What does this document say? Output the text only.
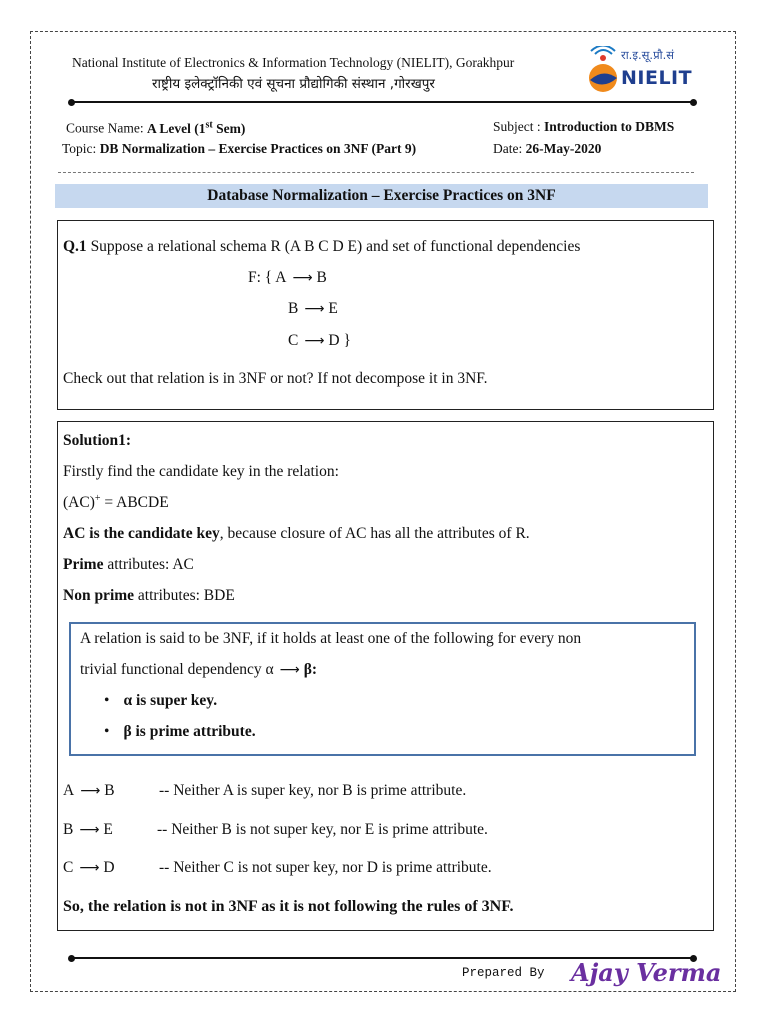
National Institute of Electronics & Information Technology (NIELIT), Gorakhpur
राष्ट्रीय इलेक्ट्रॉनिकी एवं सूचना प्रौद्योगिकी संस्थान ,गोरखपुर
रा.इ.सू.प्रौ.सं
NIELIT
Course Name: A Level (1st Sem)
Topic: DB Normalization – Exercise Practices on 3NF (Part 9)
Subject : Introduction to DBMS
Date: 26-May-2020
Database Normalization – Exercise Practices on 3NF
Q.1 Suppose a relational schema R (A B C D E) and set of functional dependencies
F: { A ⟶ B
B ⟶ E
C ⟶ D }
Check out that relation is in 3NF or not? If not decompose it in 3NF.
Solution1:
Firstly find the candidate key in the relation:
(AC)+ = ABCDE
AC is the candidate key, because closure of AC has all the attributes of R.
Prime attributes: AC
Non prime attributes: BDE
A relation is said to be 3NF, if it holds at least one of the following for every non
trivial functional dependency α ⟶ β:
• α is super key.
• β is prime attribute.
A ⟶ B	-- Neither A is super key, nor B is prime attribute.
B ⟶ E	-- Neither B is not super key, nor E is prime attribute.
C ⟶ D	-- Neither C is not super key, nor D is prime attribute.
So, the relation is not in 3NF as it is not following the rules of 3NF.
Prepared By Ajay Verma
